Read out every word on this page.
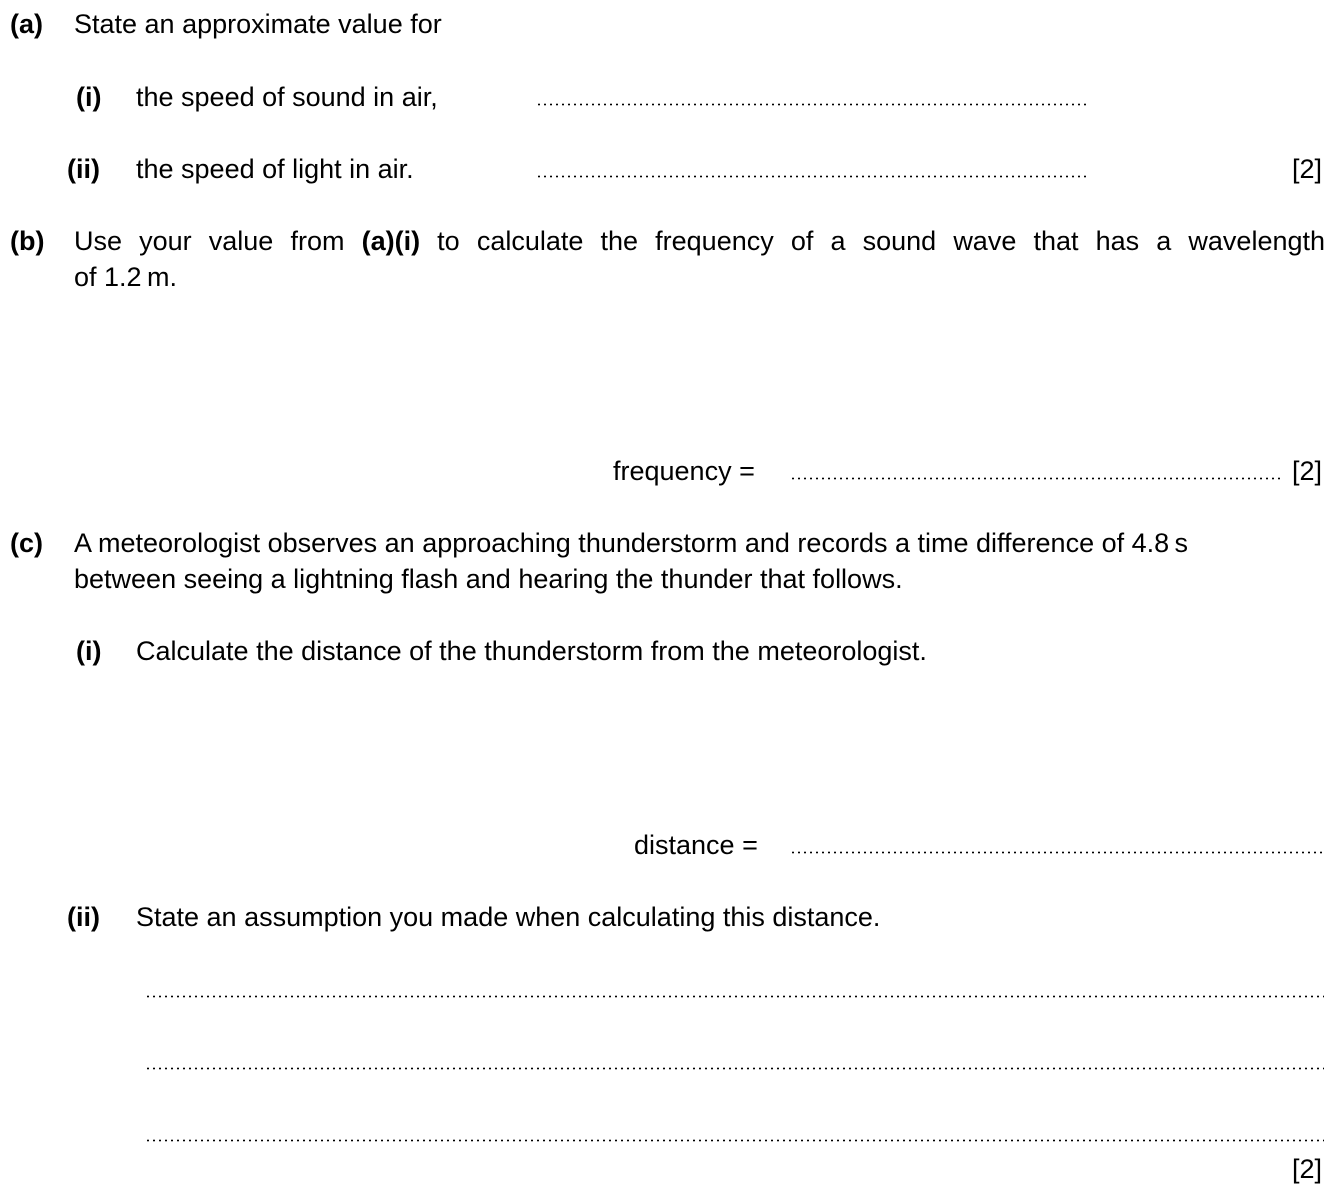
(a) State an approximate value for
(i) the speed of sound in air,
(ii) the speed of light in air.	[2]
(b) Use your value from (a)(i) to calculate the frequency of a sound wave that has a wavelength
of 1.2 m.
frequency =	[2]
(c) A meteorologist observes an approaching thunderstorm and records a time difference of 4.8 s
between seeing a lightning flash and hearing the thunder that follows.
(i) Calculate the distance of the thunderstorm from the meteorologist.
distance =
(ii) State an assumption you made when calculating this distance.
[2]
